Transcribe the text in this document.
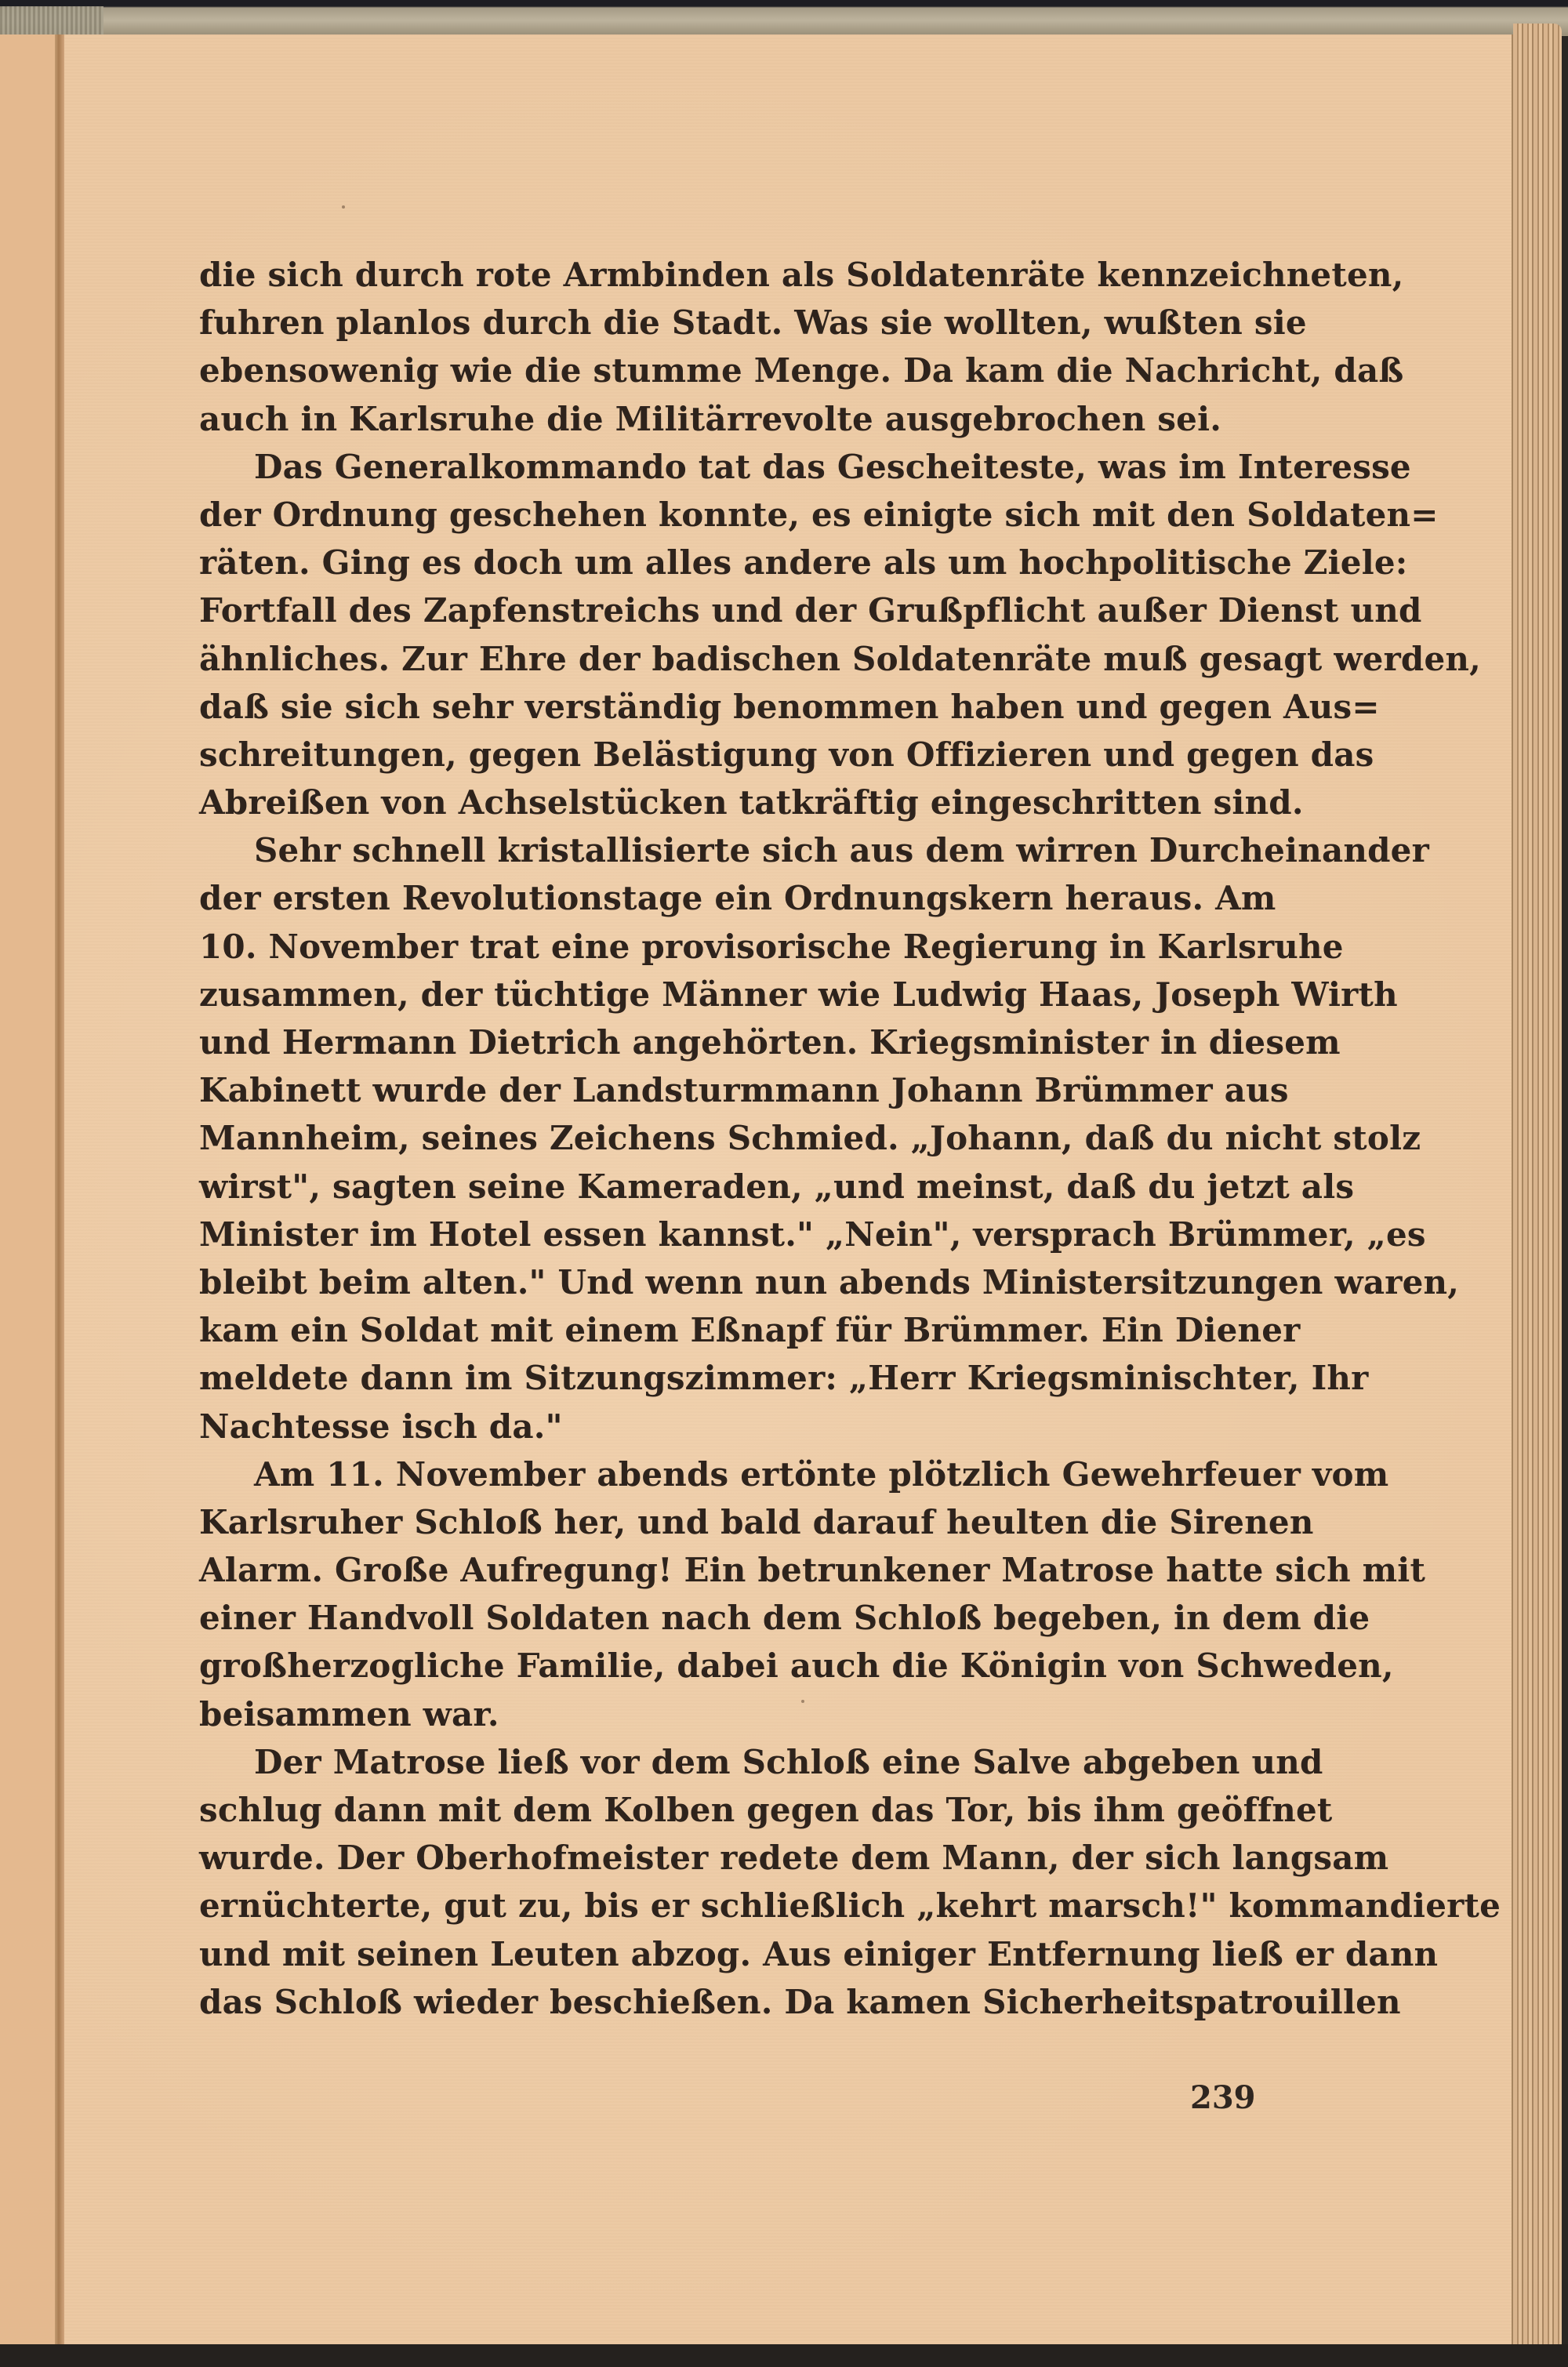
die sich durch rote Armbinden als Soldatenräte kennzeichneten,
fuhren planlos durch die Stadt. Was sie wollten, wußten sie
ebensowenig wie die stumme Menge. Da kam die Nachricht, daß
auch in Karlsruhe die Militärrevolte ausgebrochen sei.
Das Generalkommando tat das Gescheiteste, was im Interesse
der Ordnung geschehen konnte, es einigte sich mit den Soldaten=
räten. Ging es doch um alles andere als um hochpolitische Ziele:
Fortfall des Zapfenstreichs und der Grußpflicht außer Dienst und
ähnliches. Zur Ehre der badischen Soldatenräte muß gesagt werden,
daß sie sich sehr verständig benommen haben und gegen Aus=
schreitungen, gegen Belästigung von Offizieren und gegen das
Abreißen von Achselstücken tatkräftig eingeschritten sind.
Sehr schnell kristallisierte sich aus dem wirren Durcheinander
der ersten Revolutionstage ein Ordnungskern heraus. Am
10. November trat eine provisorische Regierung in Karlsruhe
zusammen, der tüchtige Männer wie Ludwig Haas, Joseph Wirth
und Hermann Dietrich angehörten. Kriegsminister in diesem
Kabinett wurde der Landsturmmann Johann Brümmer aus
Mannheim, seines Zeichens Schmied. „Johann, daß du nicht stolz
wirst", sagten seine Kameraden, „und meinst, daß du jetzt als
Minister im Hotel essen kannst." „Nein", versprach Brümmer, „es
bleibt beim alten." Und wenn nun abends Ministersitzungen waren,
kam ein Soldat mit einem Eßnapf für Brümmer. Ein Diener
meldete dann im Sitzungszimmer: „Herr Kriegsminischter, Ihr
Nachtesse isch da."
Am 11. November abends ertönte plötzlich Gewehrfeuer vom
Karlsruher Schloß her, und bald darauf heulten die Sirenen
Alarm. Große Aufregung! Ein betrunkener Matrose hatte sich mit
einer Handvoll Soldaten nach dem Schloß begeben, in dem die
großherzogliche Familie, dabei auch die Königin von Schweden,
beisammen war.
Der Matrose ließ vor dem Schloß eine Salve abgeben und
schlug dann mit dem Kolben gegen das Tor, bis ihm geöffnet
wurde. Der Oberhofmeister redete dem Mann, der sich langsam
ernüchterte, gut zu, bis er schließlich „kehrt marsch!" kommandierte
und mit seinen Leuten abzog. Aus einiger Entfernung ließ er dann
das Schloß wieder beschießen. Da kamen Sicherheitspatrouillen
239
